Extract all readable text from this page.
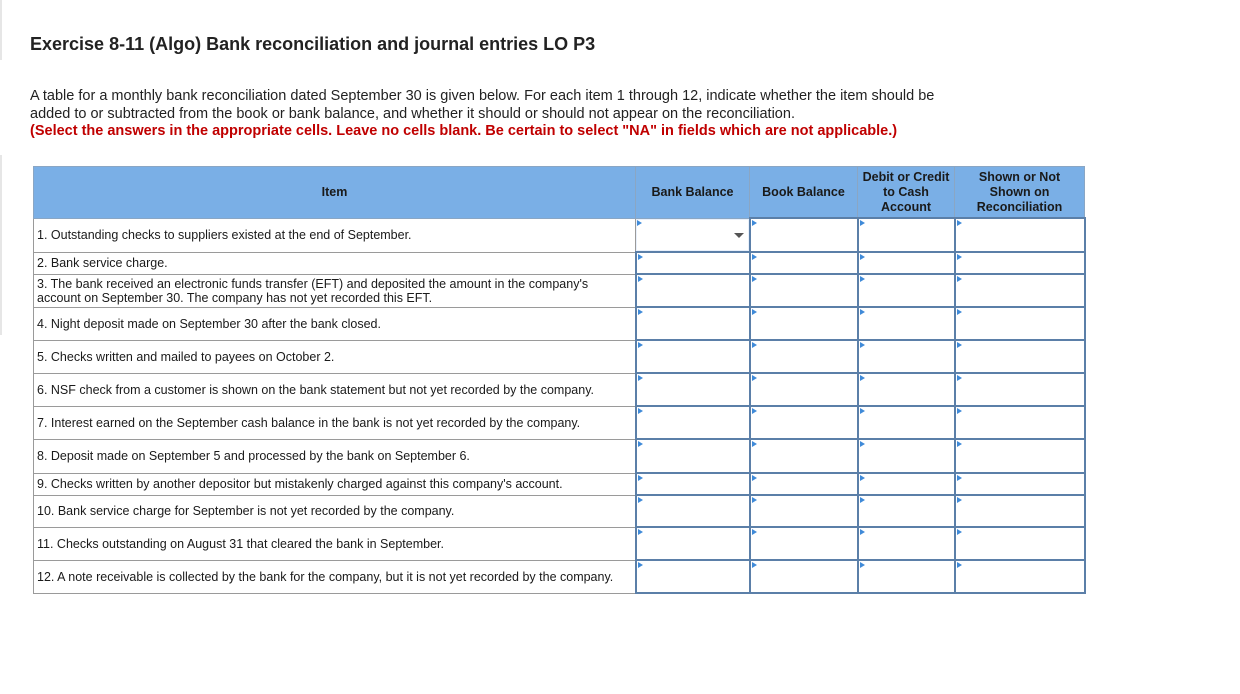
Exercise 8-11 (Algo) Bank reconciliation and journal entries LO P3
A table for a monthly bank reconciliation dated September 30 is given below. For each item 1 through 12, indicate whether the item should be added to or subtracted from the book or bank balance, and whether it should or should not appear on the reconciliation.
(Select the answers in the appropriate cells. Leave no cells blank. Be certain to select "NA" in fields which are not applicable.)
Item	Bank Balance	Book Balance	Debit or Credit to Cash Account	Shown or Not Shown on Reconciliation
1. Outstanding checks to suppliers existed at the end of September.	

2. Bank service charge.				
3. The bank received an electronic funds transfer (EFT) and deposited the amount in the company's account on September 30. The company has not yet recorded this EFT.				
4. Night deposit made on September 30 after the bank closed.				
5. Checks written and mailed to payees on October 2.				
6. NSF check from a customer is shown on the bank statement but not yet recorded by the company.				
7. Interest earned on the September cash balance in the bank is not yet recorded by the company.				
8. Deposit made on September 5 and processed by the bank on September 6.				
9. Checks written by another depositor but mistakenly charged against this company's account.				
10. Bank service charge for September is not yet recorded by the company.				
11. Checks outstanding on August 31 that cleared the bank in September.				
12. A note receivable is collected by the bank for the company, but it is not yet recorded by the company.				
